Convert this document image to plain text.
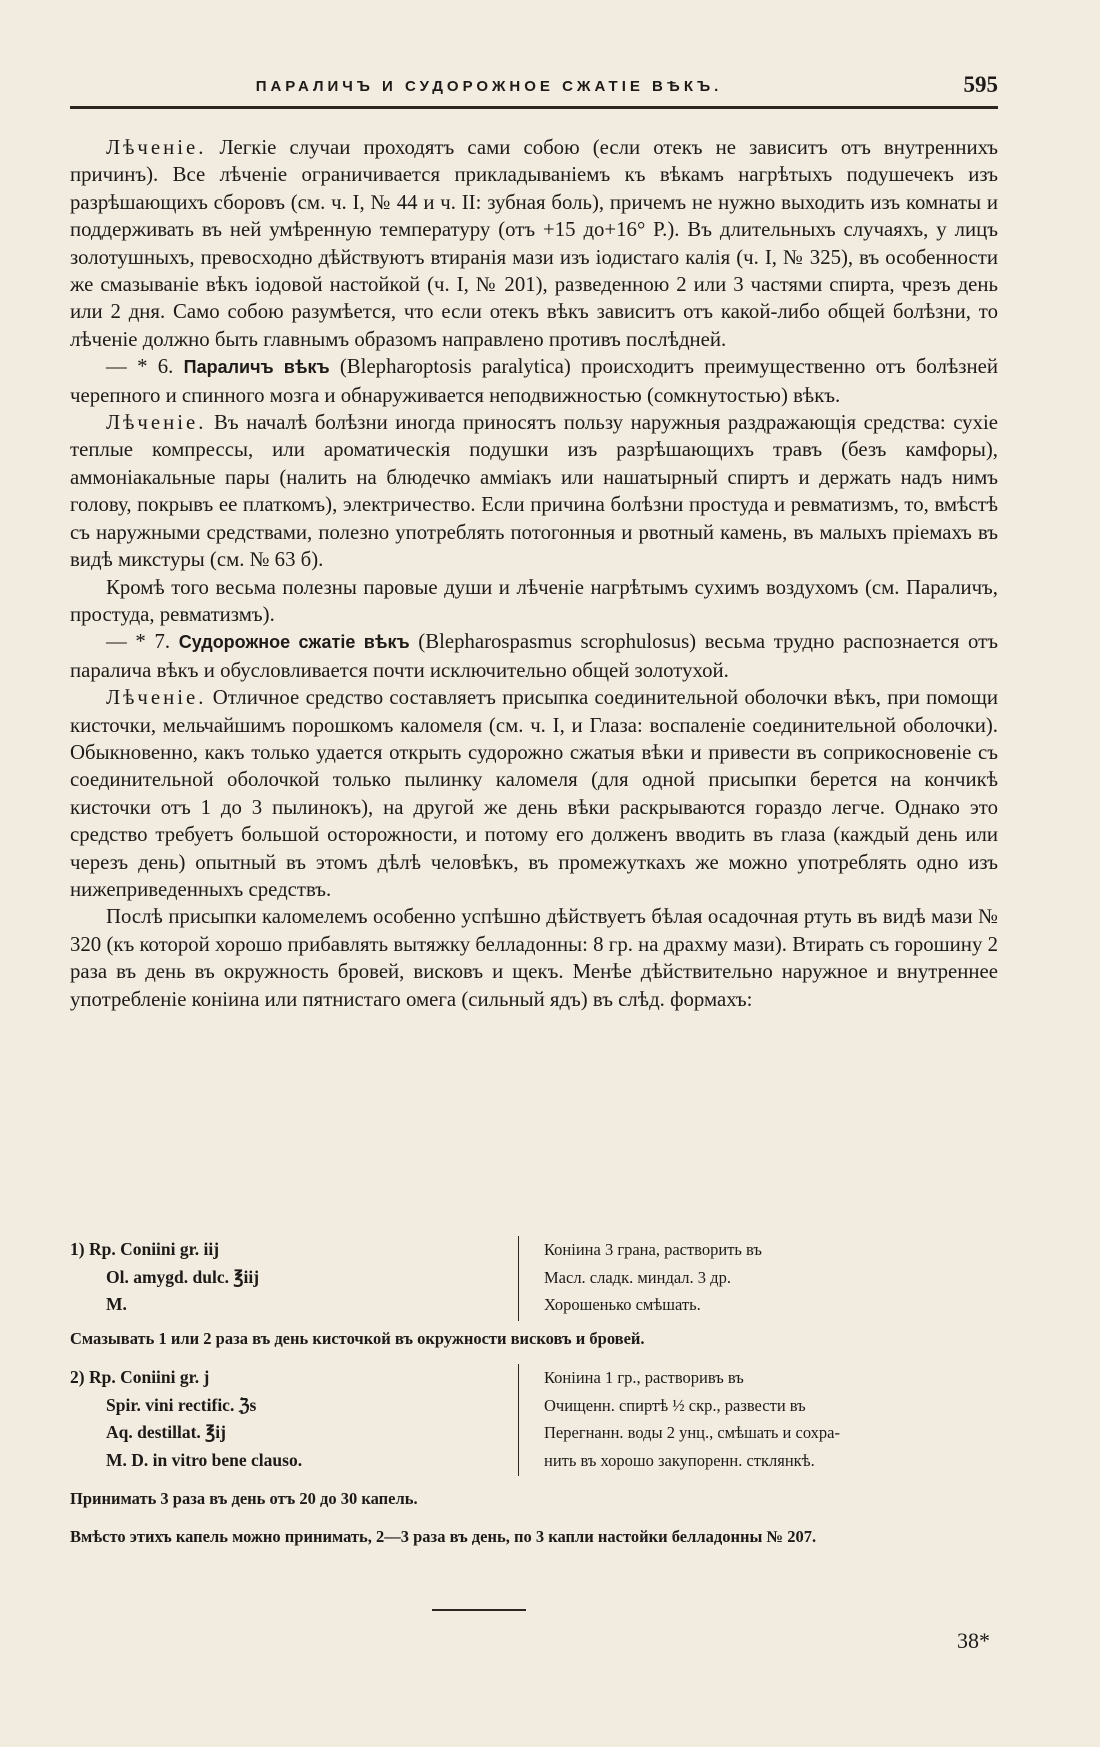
ПАРАЛИЧЪ И СУДОРОЖНОЕ СЖАТІЕ ВѢКЪ.	595

Лѣченіе. Легкіе случаи проходятъ сами собою (если отекъ не зависитъ отъ внутреннихъ причинъ). Все лѣченіе ограничивается прикладываніемъ къ вѣкамъ нагрѣтыхъ подушечекъ изъ разрѣшающихъ сборовъ (см. ч. I, № 44 и ч. II: зубная боль), причемъ не нужно выходить изъ комнаты и поддерживать въ ней умѣренную температуру (отъ +15 до+16° Р.). Въ длительныхъ случаяхъ, у лицъ золотушныхъ, превосходно дѣйствуютъ втиранія мази изъ іодистаго калія (ч. I, № 325), въ особенности же смазываніе вѣкъ іодовой настойкой (ч. I, № 201), разведенною 2 или 3 частями спирта, чрезъ день или 2 дня. Само собою разумѣется, что если отекъ вѣкъ зависитъ отъ какой-либо общей болѣзни, то лѣченіе должно быть главнымъ образомъ направлено противъ послѣдней.

— * 6. Параличъ вѣкъ (Blepharoptosis paralytica) происходитъ преимущественно отъ болѣзней черепного и спинного мозга и обнаруживается неподвижностью (сомкнутостью) вѣкъ.

Лѣченіе. Въ началѣ болѣзни иногда приносятъ пользу наружныя раздражающія средства: сухіе теплые компрессы, или ароматическія подушки изъ разрѣшающихъ травъ (безъ камфоры), аммоніакальные пары (налить на блюдечко амміакъ или нашатырный спиртъ и держать надъ нимъ голову, покрывъ ее платкомъ), электричество. Если причина болѣзни простуда и ревматизмъ, то, вмѣстѣ съ наружными средствами, полезно употреблять потогонныя и рвотный камень, въ малыхъ пріемахъ въ видѣ микстуры (см. № 63 б).

Кромѣ того весьма полезны паровые души и лѣченіе нагрѣтымъ сухимъ воздухомъ (см. Параличъ, простуда, ревматизмъ).

— * 7. Судорожное сжатіе вѣкъ (Blepharospasmus scrophulosus) весьма трудно распознается отъ паралича вѣкъ и обусловливается почти исключительно общей золотухой.

Лѣченіе. Отличное средство составляетъ присыпка соединительной оболочки вѣкъ, при помощи кисточки, мельчайшимъ порошкомъ каломеля (см. ч. I, и Глаза: воспаленіе соединительной оболочки). Обыкновенно, какъ только удается открыть судорожно сжатыя вѣки и привести въ соприкосновеніе съ соединительной оболочкой только пылинку каломеля (для одной присыпки берется на кончикѣ кисточки отъ 1 до 3 пылинокъ), на другой же день вѣки раскрываются гораздо легче. Однако это средство требуетъ большой осторожности, и потому его долженъ вводить въ глаза (каждый день или черезъ день) опытный въ этомъ дѣлѣ человѣкъ, въ промежуткахъ же можно употреблять одно изъ нижеприведенныхъ средствъ.

Послѣ присыпки каломелемъ особенно успѣшно дѣйствуетъ бѣлая осадочная ртуть въ видѣ мази № 320 (къ которой хорошо прибавлять вытяжку белладонны: 8 гр. на драхму мази). Втирать съ горошину 2 раза въ день въ окружность бровей, висковъ и щекъ. Менѣе дѣйствительно наружное и внутреннее употребленіе коніина или пятнистаго омега (сильный ядъ) въ слѣд. формахъ:

1) Rp. Coniini gr. iij
Ol. amygd. dulc. ℥iij
M.
Коніина 3 грана, растворить въ
Масл. сладк. миндал. 3 др.
Хорошенько смѣшать.
Смазывать 1 или 2 раза въ день кисточкой въ окружности висковъ и бровей.
2) Rp. Coniini gr. j
Spir. vini rectific. ℨs
Aq. destillat. ℥ij
M. D. in vitro bene clauso.
Коніина 1 гр., растворивъ въ
Очищенн. спиртѣ ½ скр., развести въ
Перегнанн. воды 2 унц., смѣшать и сохра-
нить въ хорошо закупоренн. стклянкѣ.
Принимать 3 раза въ день отъ 20 до 30 капель.
Вмѣсто этихъ капель можно принимать, 2—3 раза въ день, по 3 капли настойки белладонны № 207.
38*
